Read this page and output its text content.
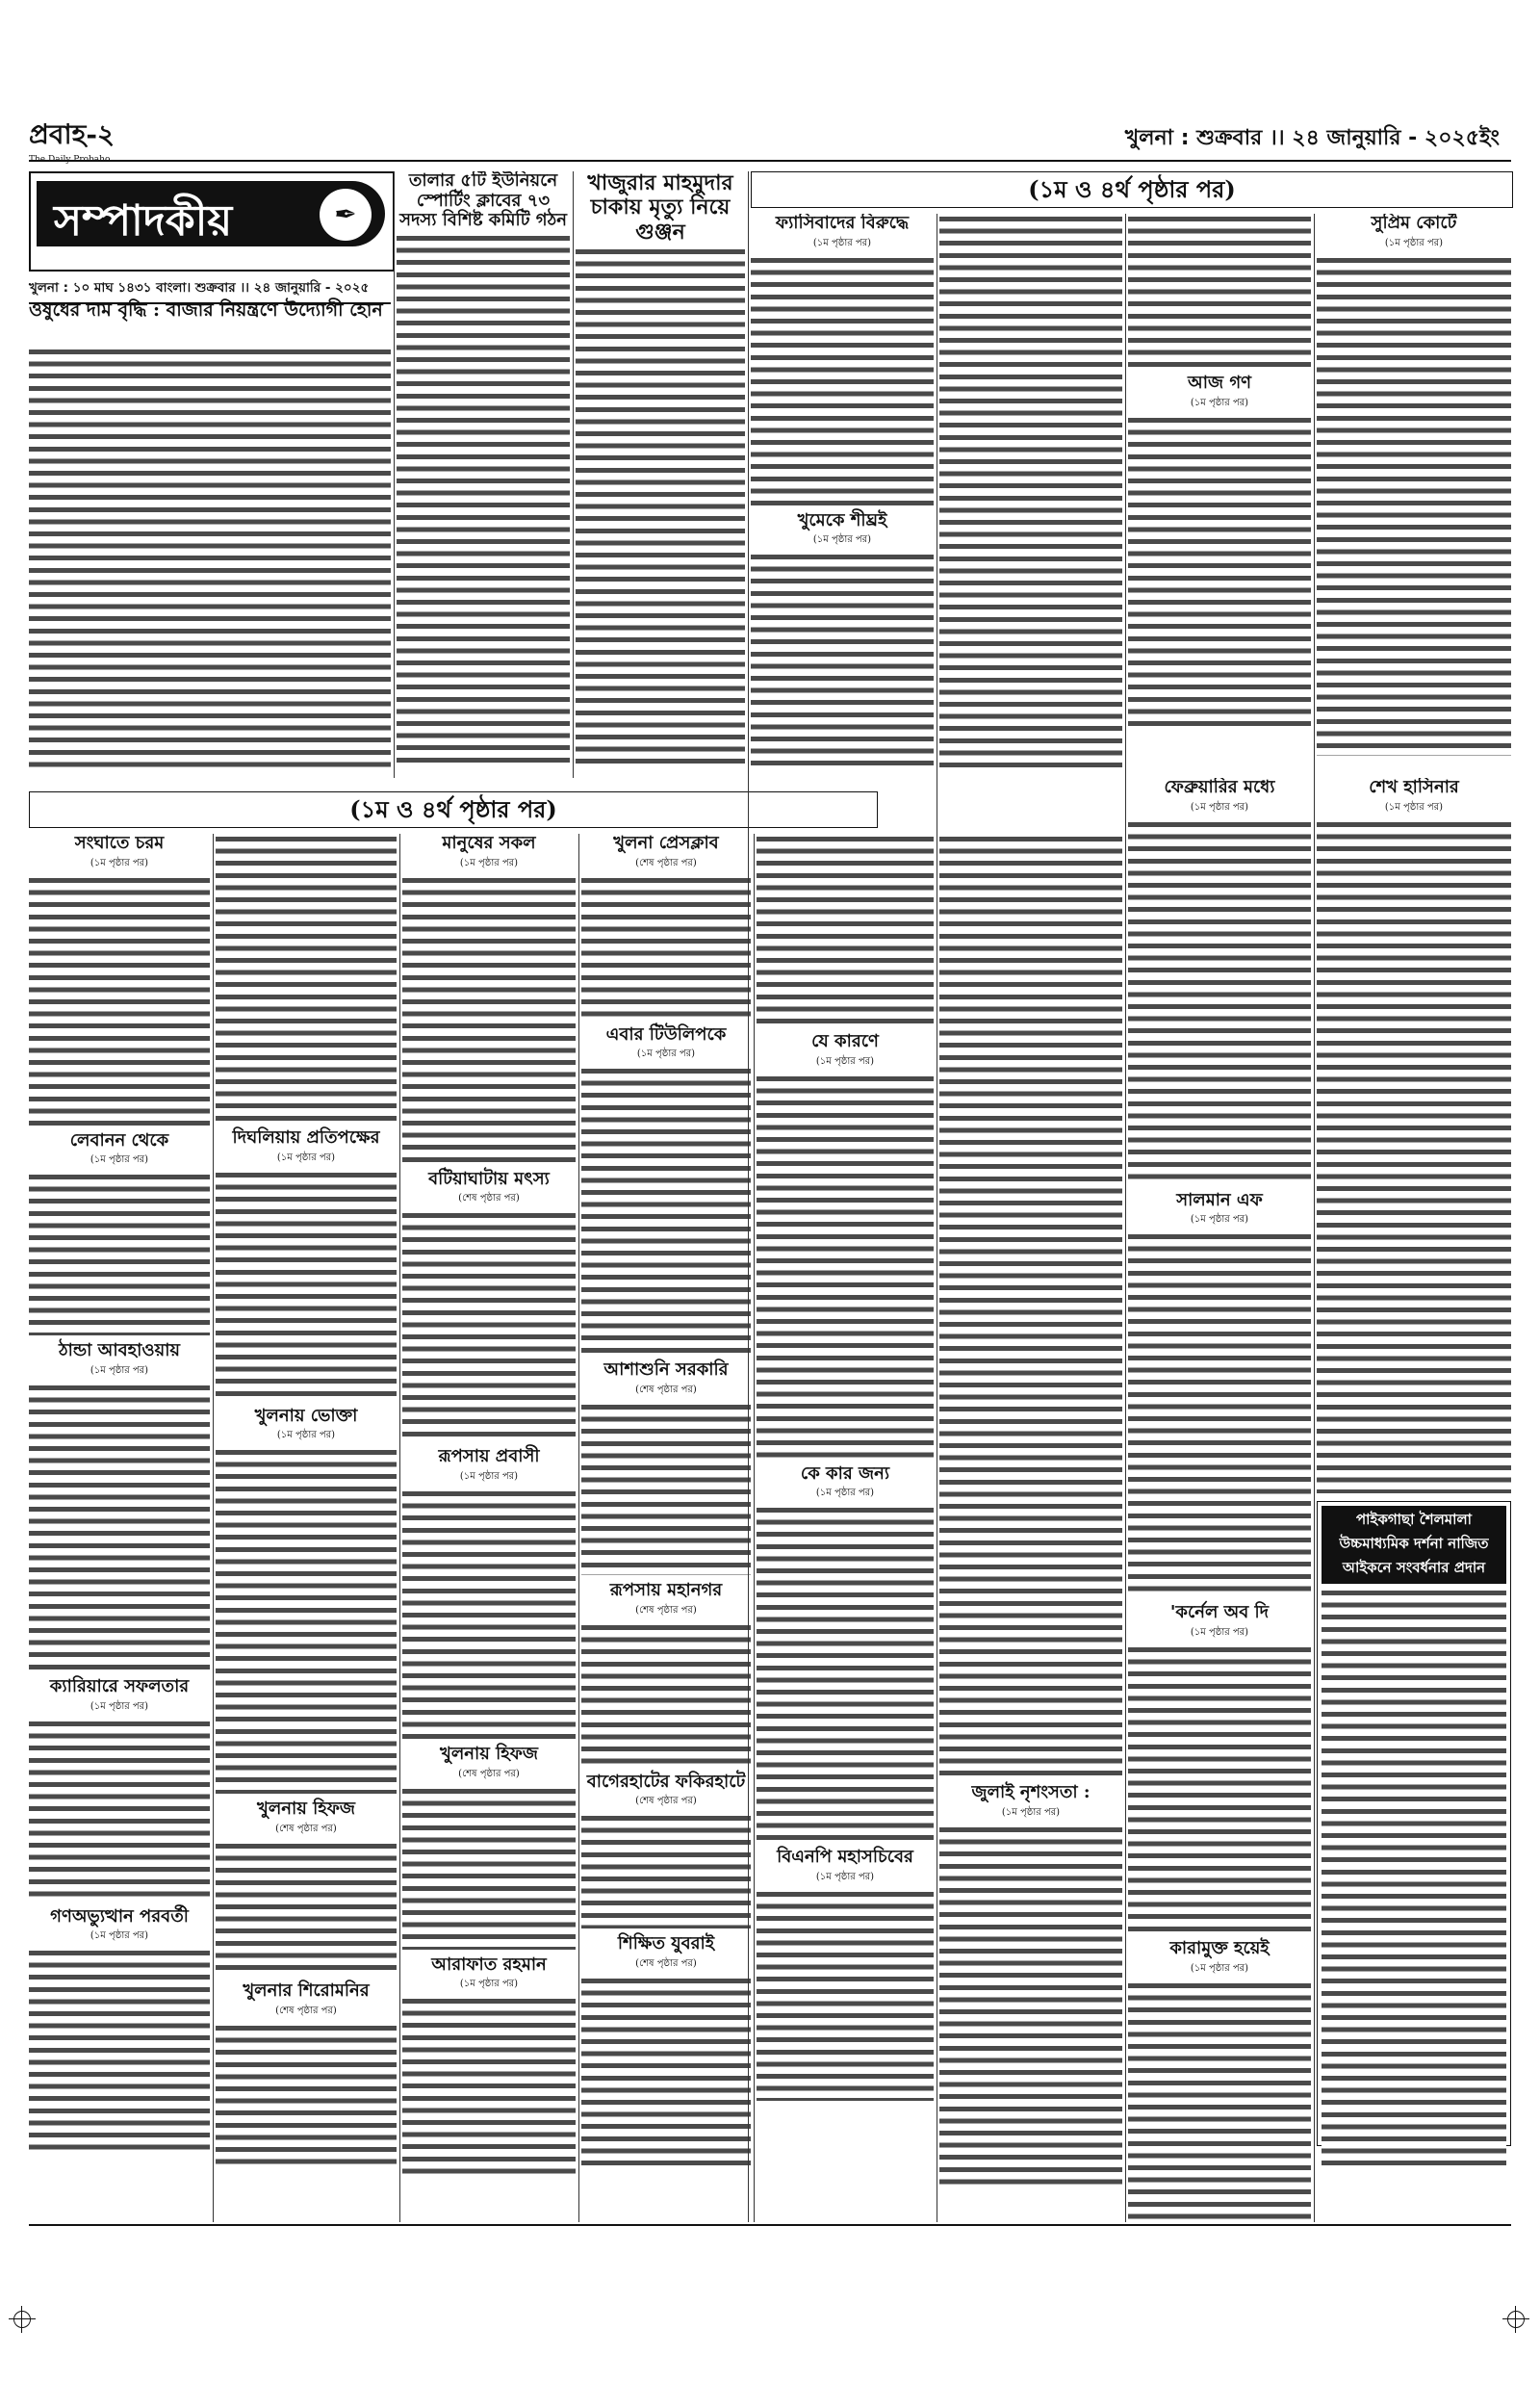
প্রবাহ-২	খুলনা : শুক্রবার ।। ২৪ জানুয়ারি - ২০২৫ইং
সম্পাদকীয়	✒
খুলনা : ১০ মাঘ ১৪৩১ বাংলা। শুক্রবার ।। ২৪ জানুয়ারি - ২০২৫
ওষুধের দাম বৃদ্ধি : বাজার নিয়ন্ত্রণে উদ্যোগী হোন
তালার ৫টি ইউনিয়নে স্পোর্টিং ক্লাবের ৭৩ সদস্য বিশিষ্ট কমিটি গঠন
(১ম ও ৪র্থ পৃষ্ঠার পর)
খাজুরার মাহমুদার চাকায় মৃত্যু নিয়ে গুঞ্জন	ফ্যাসিবাদের বিরুদ্ধে
(১ম পৃষ্ঠার পর)
খুমেকে শীঘ্রই
(১ম পৃষ্ঠার পর)
আজ গণ
(১ম পৃষ্ঠার পর)
সুপ্রিম কোর্টে
(১ম পৃষ্ঠার পর)
(১ম ও ৪র্থ পৃষ্ঠার পর)
সংঘাতে চরম
(১ম পৃষ্ঠার পর)
লেবানন থেকে
(১ম পৃষ্ঠার পর)
ঠান্ডা আবহাওয়ায়
(১ম পৃষ্ঠার পর)
ক্যারিয়ারে সফলতার
(১ম পৃষ্ঠার পর)
গণঅভ্যুত্থান পরবর্তী
(১ম পৃষ্ঠার পর)
দিঘলিয়ায় প্রতিপক্ষের
(১ম পৃষ্ঠার পর)
খুলনায় ভোক্তা
(১ম পৃষ্ঠার পর)
খুলনায় হিফজ
(শেষ পৃষ্ঠার পর)
খুলনার শিরোমনির
(শেষ পৃষ্ঠার পর)
মানুষের সকল
(১ম পৃষ্ঠার পর)
বটিয়াঘাটায় মৎস্য
(শেষ পৃষ্ঠার পর)
রূপসায় প্রবাসী
(১ম পৃষ্ঠার পর)
খুলনায় হিফজ
(শেষ পৃষ্ঠার পর)
আরাফাত রহমান
(১ম পৃষ্ঠার পর)
খুলনা প্রেসক্লাব
(শেষ পৃষ্ঠার পর)
এবার টিউলিপকে
(১ম পৃষ্ঠার পর)
আশাশুনি সরকারি
(শেষ পৃষ্ঠার পর)
রূপসায় মহানগর
(শেষ পৃষ্ঠার পর)
বাগেরহাটের ফকিরহাটে
(শেষ পৃষ্ঠার পর)
শিক্ষিত যুবরাই
(শেষ পৃষ্ঠার পর)
যে কারণে
(১ম পৃষ্ঠার পর)
কে কার জন্য
(১ম পৃষ্ঠার পর)
বিএনপি মহাসচিবের
(১ম পৃষ্ঠার পর)
জুলাই নৃশংসতা :
(১ম পৃষ্ঠার পর)
ফেব্রুয়ারির মধ্যে
(১ম পৃষ্ঠার পর)
সালমান এফ
(১ম পৃষ্ঠার পর)
'কর্নেল অব দি
(১ম পৃষ্ঠার পর)
কারামুক্ত হয়েই
(১ম পৃষ্ঠার পর)
শেখ হাসিনার
(১ম পৃষ্ঠার পর)
পাইকগাছা শৈলমালা উচ্চমাধ্যমিক দর্শনা নাজিত আইকনে সংবর্ধনার প্রদান
